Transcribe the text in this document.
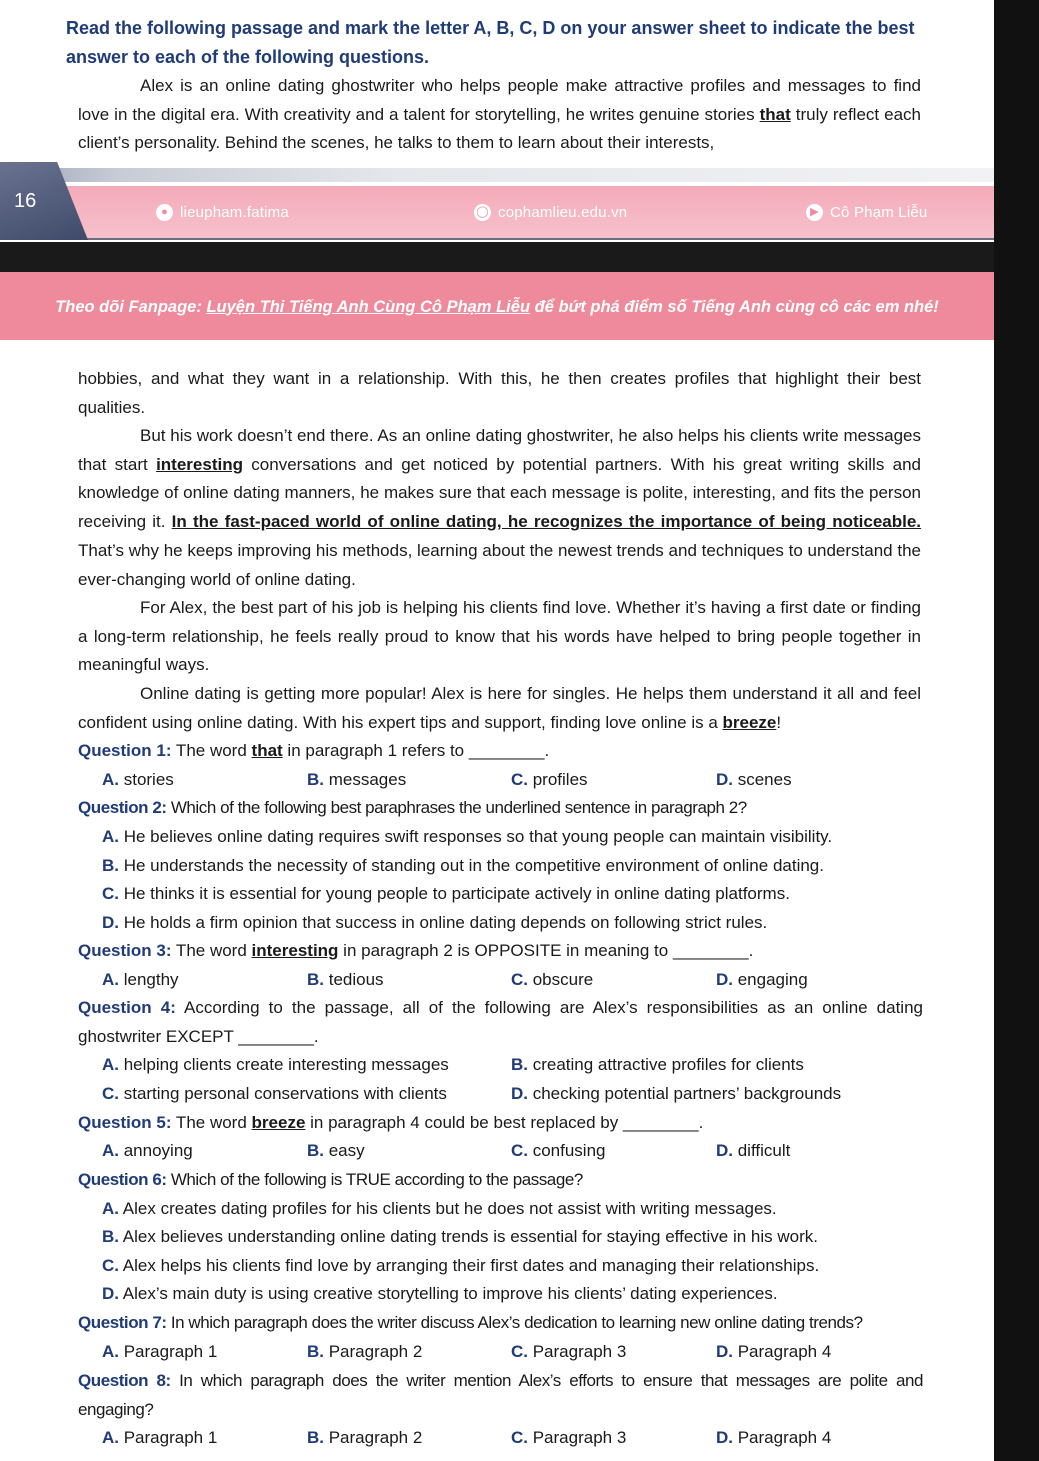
Read the following passage and mark the letter A, B, C, D on your answer sheet to indicate the best answer to each of the following questions.
Alex is an online dating ghostwriter who helps people make attractive profiles and messages to find love in the digital era. With creativity and a talent for storytelling, he writes genuine stories that truly reflect each client’s personality. Behind the scenes, he talks to them to learn about their interests,
16	● lieupham.fatima	◯ cophamlieu.edu.vn	▶ Cô Phạm Liễu
Theo dõi Fanpage: Luyện Thi Tiếng Anh Cùng Cô Phạm Liễu để bứt phá điểm số Tiếng Anh cùng cô các em nhé!
hobbies, and what they want in a relationship. With this, he then creates profiles that highlight their best qualities.
But his work doesn’t end there. As an online dating ghostwriter, he also helps his clients write messages that start interesting conversations and get noticed by potential partners. With his great writing skills and knowledge of online dating manners, he makes sure that each message is polite, interesting, and fits the person receiving it. In the fast-paced world of online dating, he recognizes the importance of being noticeable. That’s why he keeps improving his methods, learning about the newest trends and techniques to understand the ever-changing world of online dating.
For Alex, the best part of his job is helping his clients find love. Whether it’s having a first date or finding a long-term relationship, he feels really proud to know that his words have helped to bring people together in meaningful ways.
Online dating is getting more popular! Alex is here for singles. He helps them understand it all and feel confident using online dating. With his expert tips and support, finding love online is a breeze!
Question 1: The word that in paragraph 1 refers to ________.
A. stories	B. messages	C. profiles	D. scenes
Question 2: Which of the following best paraphrases the underlined sentence in paragraph 2?
A. He believes online dating requires swift responses so that young people can maintain visibility.
B. He understands the necessity of standing out in the competitive environment of online dating.
C. He thinks it is essential for young people to participate actively in online dating platforms.
D. He holds a firm opinion that success in online dating depends on following strict rules.
Question 3: The word interesting in paragraph 2 is OPPOSITE in meaning to ________.
A. lengthy	B. tedious	C. obscure	D. engaging
Question 4: According to the passage, all of the following are Alex’s responsibilities as an online dating ghostwriter EXCEPT ________.
A. helping clients create interesting messages	B. creating attractive profiles for clients
C. starting personal conservations with clients	D. checking potential partners’ backgrounds
Question 5: The word breeze in paragraph 4 could be best replaced by ________.
A. annoying	B. easy	C. confusing	D. difficult
Question 6: Which of the following is TRUE according to the passage?
A. Alex creates dating profiles for his clients but he does not assist with writing messages.
B. Alex believes understanding online dating trends is essential for staying effective in his work.
C. Alex helps his clients find love by arranging their first dates and managing their relationships.
D. Alex’s main duty is using creative storytelling to improve his clients’ dating experiences.
Question 7: In which paragraph does the writer discuss Alex’s dedication to learning new online dating trends?
A. Paragraph 1	B. Paragraph 2	C. Paragraph 3	D. Paragraph 4
Question 8: In which paragraph does the writer mention Alex’s efforts to ensure that messages are polite and engaging?
A. Paragraph 1	B. Paragraph 2	C. Paragraph 3	D. Paragraph 4
